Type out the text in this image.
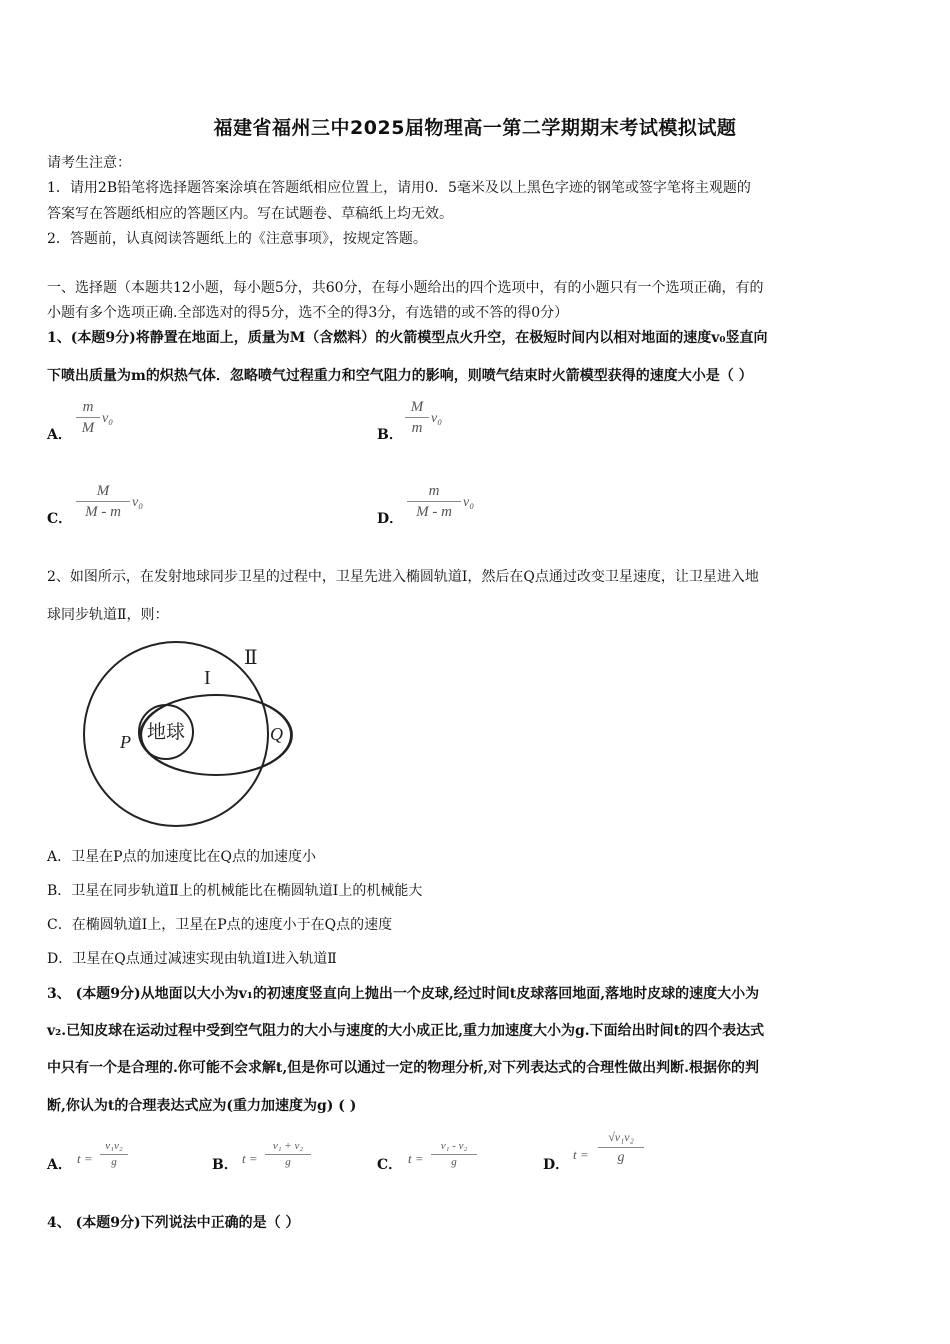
福建省福州三中2025届物理高一第二学期期末考试模拟试题
请考生注意：
1．请用2B铅笔将选择题答案涂填在答题纸相应位置上，请用0．5毫米及以上黑色字迹的钢笔或签字笔将主观题的
答案写在答题纸相应的答题区内。写在试题卷、草稿纸上均无效。
2．答题前，认真阅读答题纸上的《注意事项》，按规定答题。
一、选择题（本题共12小题，每小题5分，共60分，在每小题给出的四个选项中，有的小题只有一个选项正确，有的
小题有多个选项正确.全部选对的得5分，选不全的得3分，有选错的或不答的得0分）
1、(本题9分)将静置在地面上，质量为M（含燃料）的火箭模型点火升空，在极短时间内以相对地面的速度v₀竖直向
下喷出质量为m的炽热气体．忽略喷气过程重力和空气阻力的影响，则喷气结束时火箭模型获得的速度大小是（ ）
A．
m
M
v₀
B．
M
m
v₀
C．
M
M - m
v₀
D．
m
M - m
v₀
2、如图所示，在发射地球同步卫星的过程中，卫星先进入椭圆轨道Ⅰ，然后在Q点通过改变卫星速度，让卫星进入地
球同步轨道Ⅱ，则：
地球
P	Q
I
Ⅱ
A．卫星在P点的加速度比在Q点的加速度小
B．卫星在同步轨道Ⅱ上的机械能比在椭圆轨道Ⅰ上的机械能大
C．在椭圆轨道Ⅰ上，卫星在P点的速度小于在Q点的速度
D．卫星在Q点通过减速实现由轨道Ⅰ进入轨道Ⅱ
3、 (本题9分)从地面以大小为v₁的初速度竖直向上抛出一个皮球,经过时间t皮球落回地面,落地时皮球的速度大小为
v₂.已知皮球在运动过程中受到空气阻力的大小与速度的大小成正比,重力加速度大小为g.下面给出时间t的四个表达式
中只有一个是合理的.你可能不会求解t,但是你可以通过一定的物理分析,对下列表达式的合理性做出判断.根据你的判
断,你认为t的合理表达式应为(重力加速度为g) ( )
A． t =
v₁v₂
g	B． t =
v₁ + v₂
g	C． t =
v₁ - v₂
g	D．
t =
√v₁v₂
g
4、 (本题9分)下列说法中正确的是（ ）
